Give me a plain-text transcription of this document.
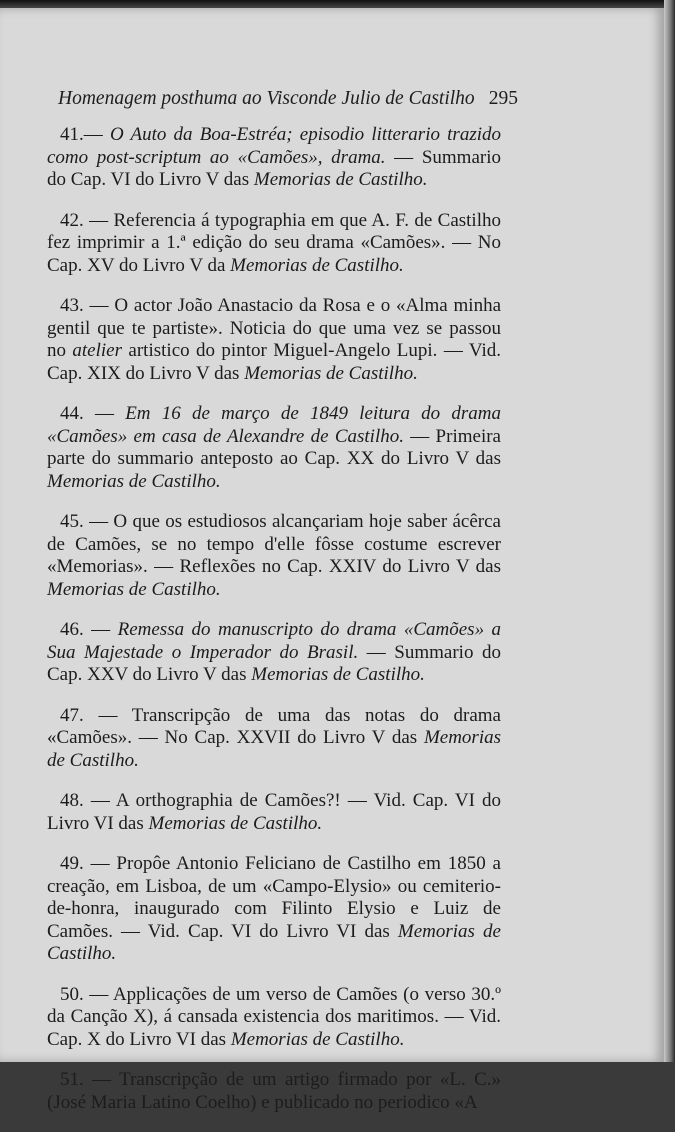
Homenagem posthuma ao Visconde Julio de Castilho 295

41.— O Auto da Boa-Estréa; episodio litterario trazido como post-scriptum ao «Camões», drama. — Summario do Cap. VI do Livro V das Memorias de Castilho.

42. — Referencia á typographia em que A. F. de Castilho fez imprimir a 1.ª edição do seu drama «Camões». — No Cap. XV do Livro V da Memorias de Castilho.

43. — O actor João Anastacio da Rosa e o «Alma minha gentil que te partiste». Noticia do que uma vez se passou no atelier artistico do pintor Miguel-Angelo Lupi. — Vid. Cap. XIX do Livro V das Memorias de Castilho.

44. — Em 16 de março de 1849 leitura do drama «Camões» em casa de Alexandre de Castilho. — Primeira parte do summario anteposto ao Cap. XX do Livro V das Memorias de Castilho.

45. — O que os estudiosos alcançariam hoje saber ácêrca de Camões, se no tempo d'elle fôsse costume escrever «Memorias». — Reflexões no Cap. XXIV do Livro V das Memorias de Castilho.

46. — Remessa do manuscripto do drama «Camões» a Sua Majestade o Imperador do Brasil. — Summario do Cap. XXV do Livro V das Memorias de Castilho.

47. — Transcripção de uma das notas do drama «Camões». — No Cap. XXVII do Livro V das Memorias de Castilho.

48. — A orthographia de Camões?! — Vid. Cap. VI do Livro VI das Memorias de Castilho.

49. — Propôe Antonio Feliciano de Castilho em 1850 a creação, em Lisboa, de um «Campo-Elysio» ou cemiterio-de-honra, inaugurado com Filinto Elysio e Luiz de Camões. — Vid. Cap. VI do Livro VI das Memorias de Castilho.

50. — Applicações de um verso de Camões (o verso 30.º da Canção X), á cansada existencia dos maritimos. — Vid. Cap. X do Livro VI das Memorias de Castilho.

51. — Transcripção de um artigo firmado por «L. C.» (José Maria Latino Coelho) e publicado no periodico «A
